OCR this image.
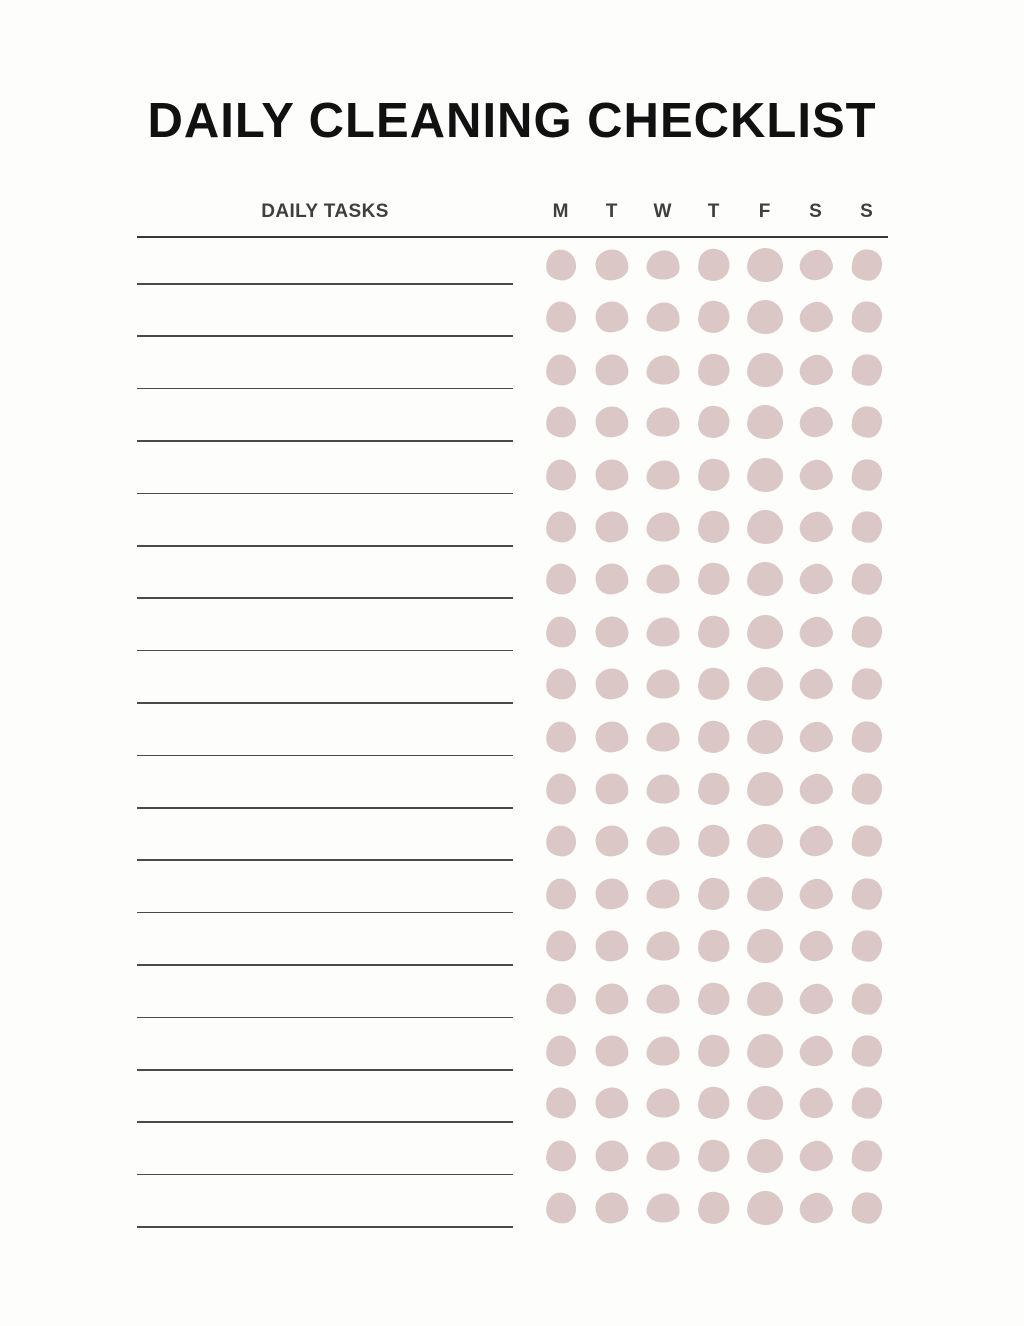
DAILY CLEANING CHECKLIST
DAILY TASKS	M	T	W	T	F	S	S
